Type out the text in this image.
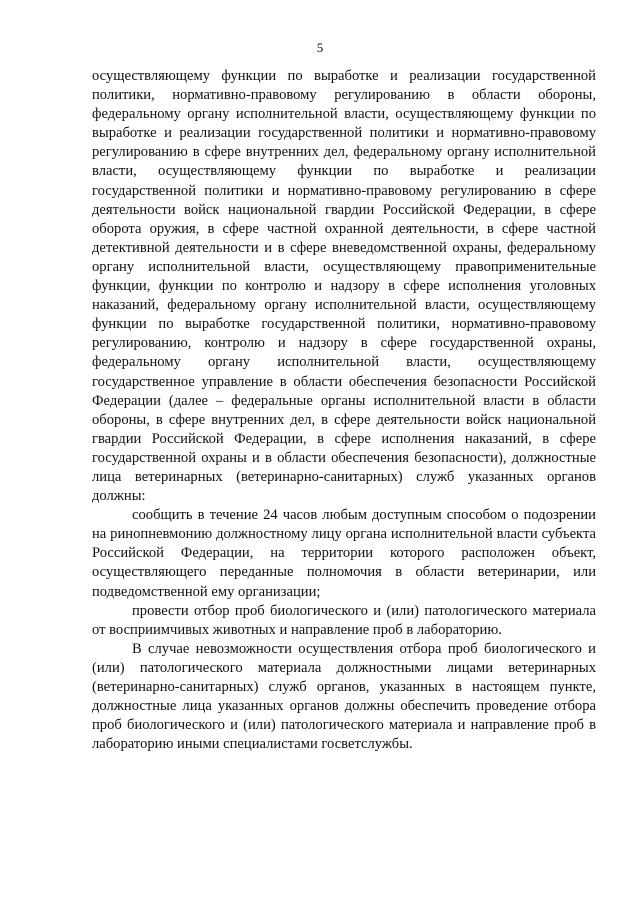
5

осуществляющему функции по выработке и реализации государственной политики, нормативно-правовому регулированию в области обороны, федеральному органу исполнительной власти, осуществляющему функции по выработке и реализации государственной политики и нормативно-правовому регулированию в сфере внутренних дел, федеральному органу исполнительной власти, осуществляющему функции по выработке и реализации государственной политики и нормативно-правовому регулированию в сфере деятельности войск национальной гвардии Российской Федерации, в сфере оборота оружия, в сфере частной охранной деятельности, в сфере частной детективной деятельности и в сфере вневедомственной охраны, федеральному органу исполнительной власти, осуществляющему правоприменительные функции, функции по контролю и надзору в сфере исполнения уголовных наказаний, федеральному органу исполнительной власти, осуществляющему функции по выработке государственной политики, нормативно-правовому регулированию, контролю и надзору в сфере государственной охраны, федеральному органу исполнительной власти, осуществляющему государственное управление в области обеспечения безопасности Российской Федерации (далее – федеральные органы исполнительной власти в области обороны, в сфере внутренних дел, в сфере деятельности войск национальной гвардии Российской Федерации, в сфере исполнения наказаний, в сфере государственной охраны и в области обеспечения безопасности), должностные лица ветеринарных (ветеринарно-санитарных) служб указанных органов должны:

сообщить в течение 24 часов любым доступным способом о подозрении на ринопневмонию должностному лицу органа исполнительной власти субъекта Российской Федерации, на территории которого расположен объект, осуществляющего переданные полномочия в области ветеринарии, или подведомственной ему организации;

провести отбор проб биологического и (или) патологического материала от восприимчивых животных и направление проб в лабораторию.

В случае невозможности осуществления отбора проб биологического и (или) патологического материала должностными лицами ветеринарных (ветеринарно-санитарных) служб органов, указанных в настоящем пункте, должностные лица указанных органов должны обеспечить проведение отбора проб биологического и (или) патологического материала и направление проб в лабораторию иными специалистами госветслужбы.
